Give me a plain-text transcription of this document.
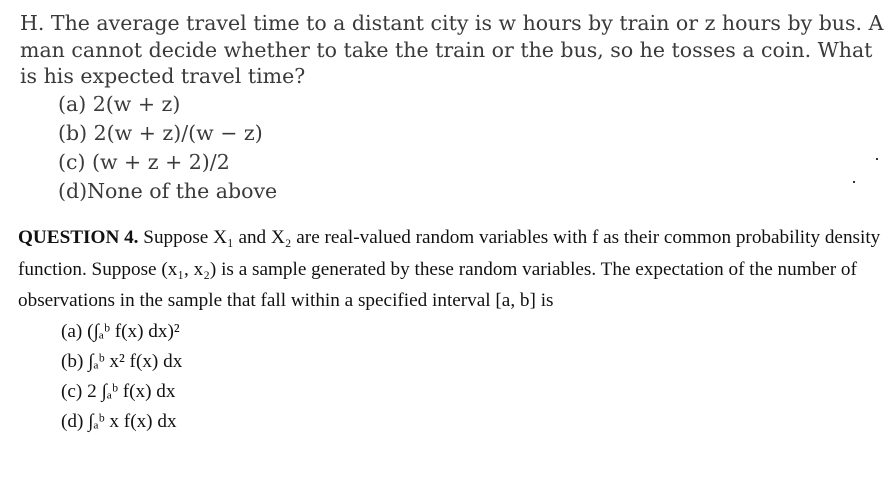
H. The average travel time to a distant city is w hours by train or z hours by bus. A man cannot decide whether to take the train or the bus, so he tosses a coin. What is his expected travel time?

(a) 2(w + z)
(b) 2(w + z)/(w − z)
(c) (w + z + 2)/2
(d)None of the above

QUESTION 4. Suppose X₁ and X₂ are real-valued random variables with f as their common probability density function. Suppose (x₁, x₂) is a sample generated by these random variables. The expectation of the number of observations in the sample that fall within a specified interval [a, b] is

(a) (∫ₐᵇ f(x) dx)²
(b) ∫ₐᵇ x² f(x) dx
(c) 2 ∫ₐᵇ f(x) dx
(d) ∫ₐᵇ x f(x) dx
